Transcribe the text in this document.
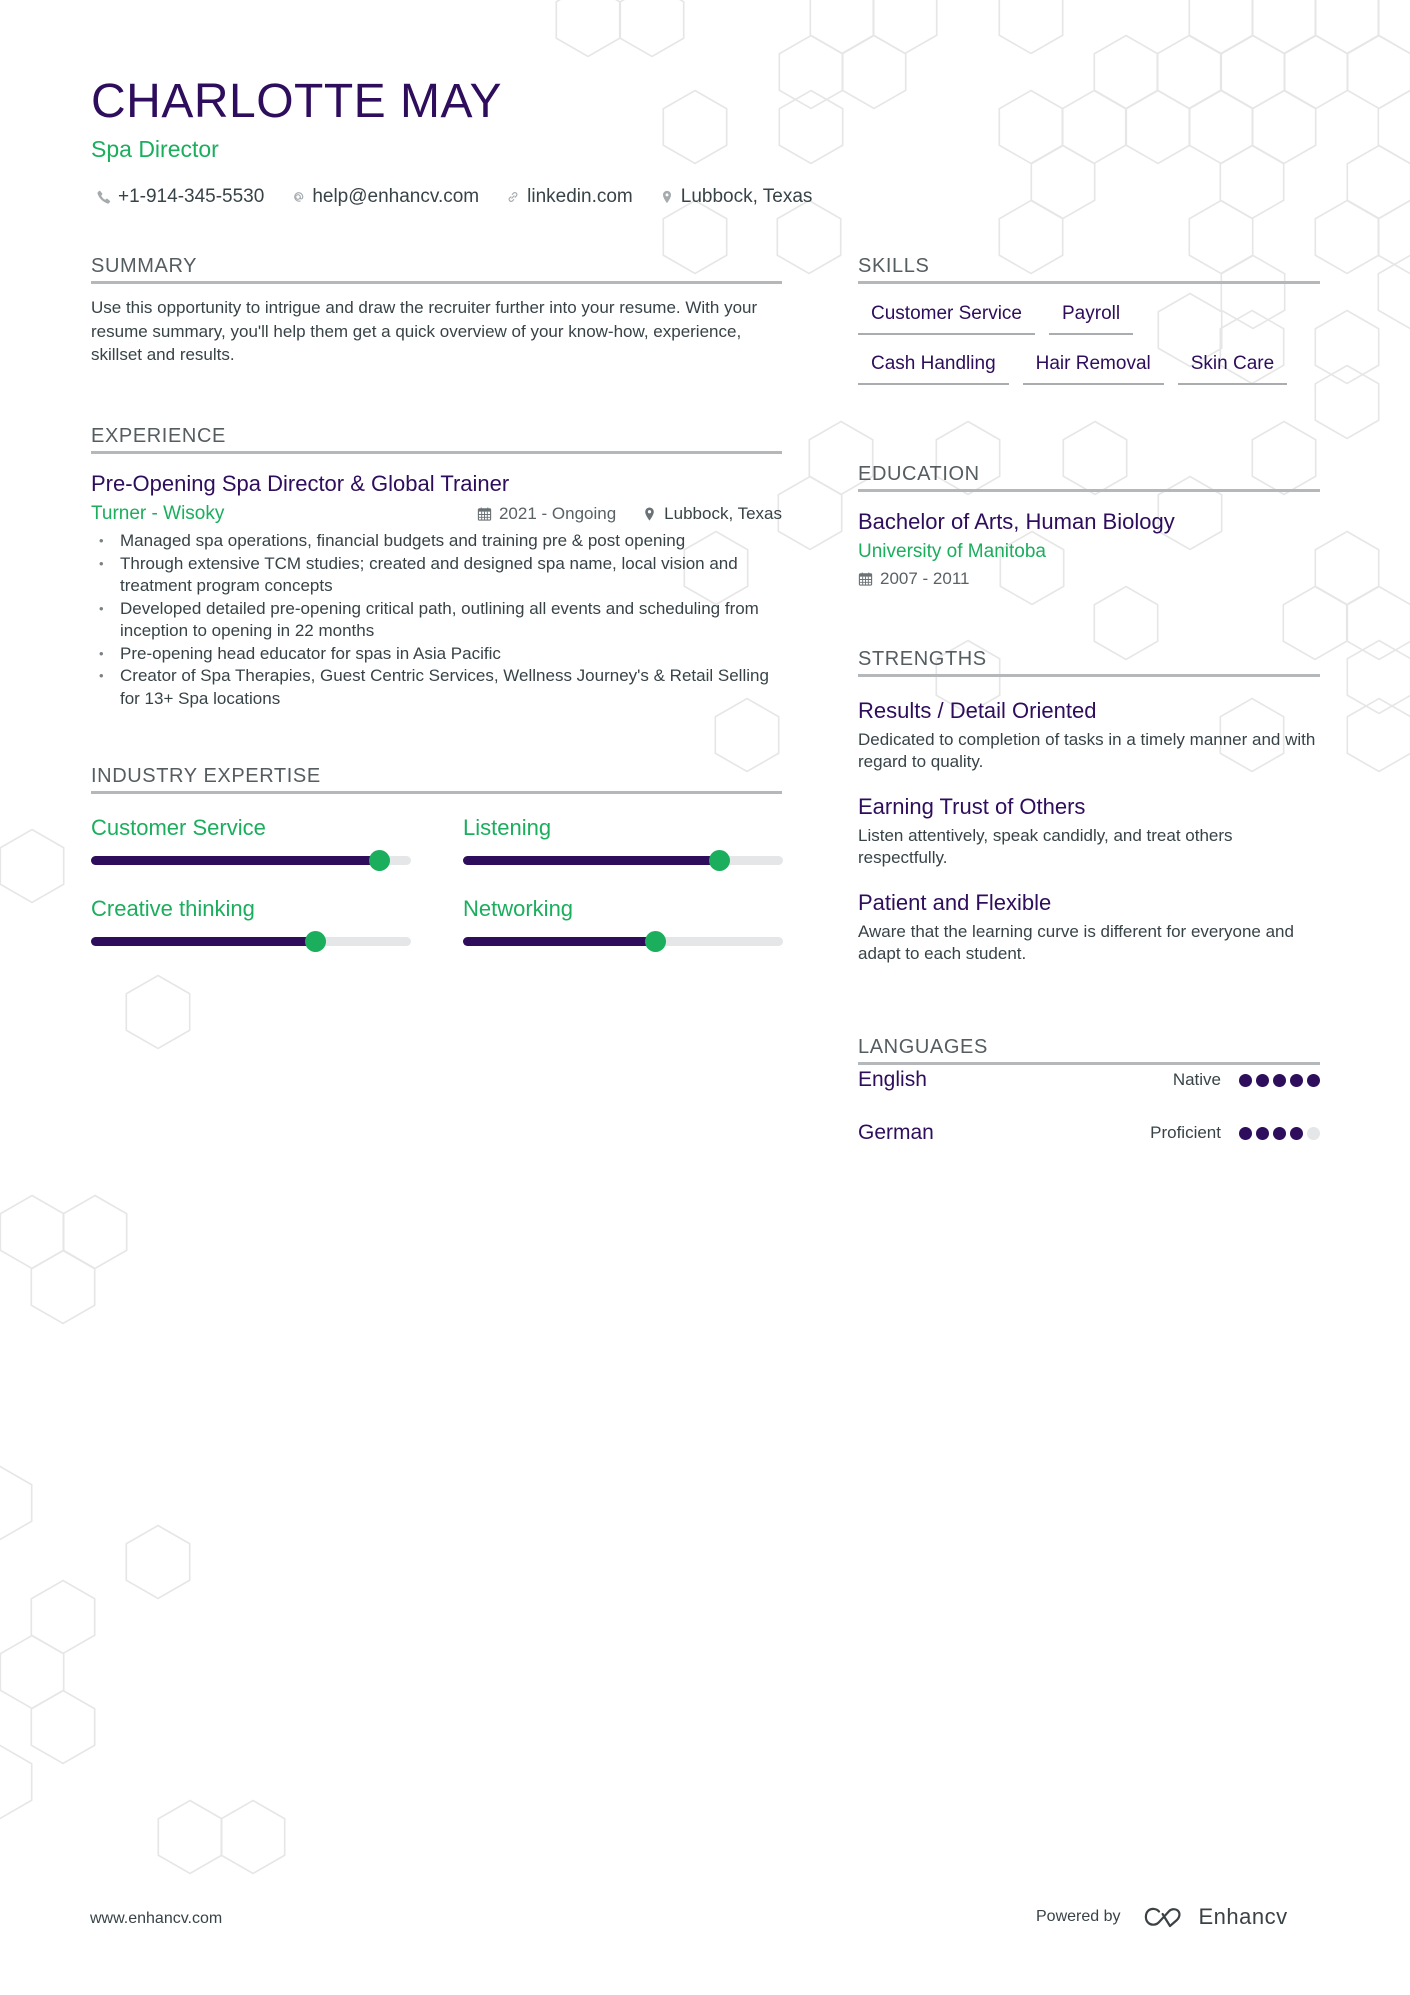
CHARLOTTE MAY
Spa Director
+1-914-345-5530	help@enhancv.com	linkedin.com	Lubbock, Texas
SUMMARY

Use this opportunity to intrigue and draw the recruiter further into your resume. With your resume summary, you'll help them get a quick overview of your know-how, experience, skillset and results.

EXPERIENCE
Pre-Opening Spa Director & Global Trainer
Turner - Wisoky	2021 - Ongoing	Lubbock, Texas
• Managed spa operations, financial budgets and training pre & post opening
• Through extensive TCM studies; created and designed spa name, local vision and treatment program concepts
• Developed detailed pre-opening critical path, outlining all events and scheduling from inception to opening in 22 months
• Pre-opening head educator for spas in Asia Pacific
• Creator of Spa Therapies, Guest Centric Services, Wellness Journey's & Retail Selling for 13+ Spa locations
INDUSTRY EXPERTISE
Customer Service	Listening
Creative thinking	Networking
SKILLS
Customer Service	Payroll
Cash Handling	Hair Removal	Skin Care
EDUCATION
Bachelor of Arts, Human Biology
University of Manitoba
2007 - 2011
STRENGTHS
Results / Detail Oriented
Dedicated to completion of tasks in a timely manner and with regard to quality.
Earning Trust of Others
Listen attentively, speak candidly, and treat others respectfully.
Patient and Flexible
Aware that the learning curve is different for everyone and adapt to each student.
LANGUAGES
English	Native
German	Proficient
www.enhancv.com	Powered by	Enhancv
